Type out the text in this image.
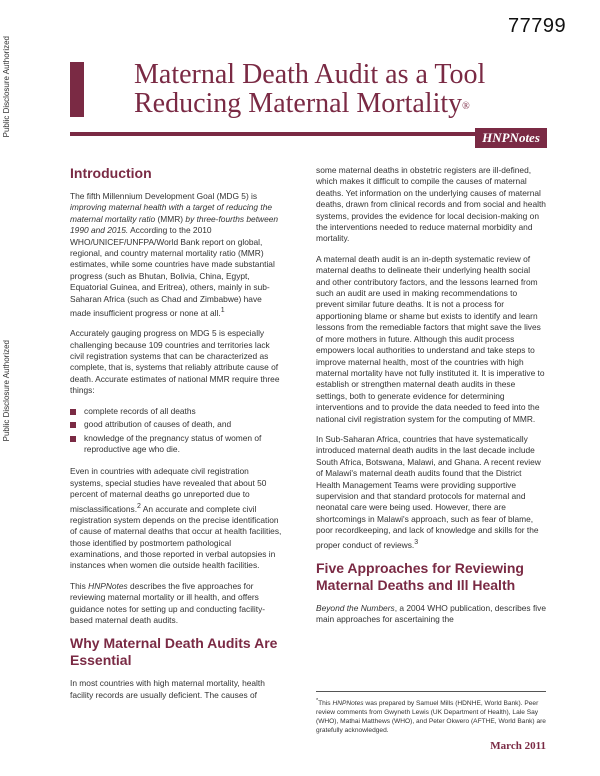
77799
Public Disclosure Authorized
Public Disclosure Authorized
Maternal Death Audit as a Tool
Reducing Maternal Mortality®
HNPNotes
Introduction

The fifth Millennium Development Goal (MDG 5) is improving maternal health with a target of reducing the maternal mortality ratio (MMR) by three-fourths between 1990 and 2015. According to the 2010 WHO/UNICEF/UNFPA/World Bank report on global, regional, and country maternal mortality ratio (MMR) estimates, while some countries have made substantial progress (such as Bhutan, Bolivia, China, Egypt, Equatorial Guinea, and Eritrea), others, mainly in sub-Saharan Africa (such as Chad and Zimbabwe) have made insufficient progress or none at all.$^1$

Accurately gauging progress on MDG 5 is especially challenging because 109 countries and territories lack civil registration systems that can be characterized as complete, that is, systems that reliably attribute cause of death. Accurate estimates of national MMR require three things:

complete records of all deaths
good attribution of causes of death, and
knowledge of the pregnancy status of women of reproductive age who die.

Even in countries with adequate civil registration systems, special studies have revealed that about 50 percent of maternal deaths go unreported due to misclassifications.$^2$ An accurate and complete civil registration system depends on the precise identification of cause of maternal deaths that occur at health facilities, those identified by postmortem pathological examinations, and those reported in verbal autopsies in instances when women die outside health facilities.

This HNPNotes describes the five approaches for reviewing maternal mortality or ill health, and offers guidance notes for setting up and conducting facility-based maternal death audits.

Why Maternal Death Audits Are Essential

In most countries with high maternal mortality, health facility records are usually deficient. The causes of

some maternal deaths in obstetric registers are ill-defined, which makes it difficult to compile the causes of maternal deaths. Yet information on the underlying causes of maternal deaths, drawn from clinical records and from social and health systems, provides the evidence for local decision-making on the interventions needed to reduce maternal morbidity and mortality.

A maternal death audit is an in-depth systematic review of maternal deaths to delineate their underlying health social and other contributory factors, and the lessons learned from such an audit are used in making recommendations to prevent similar future deaths. It is not a process for apportioning blame or shame but exists to identify and learn lessons from the remediable factors that might save the lives of more mothers in future. Although this audit process empowers local authorities to understand and take steps to improve maternal health, most of the countries with high maternal mortality have not fully instituted it. It is imperative to establish or strengthen maternal death audits in these settings, both to generate evidence for determining interventions and to provide the data needed to feed into the national civil registration system for the computing of MMR.

In Sub-Saharan Africa, countries that have systematically introduced maternal death audits in the last decade include South Africa, Botswana, Malawi, and Ghana. A recent review of Malawi's maternal death audits found that the District Health Management Teams were providing supportive supervision and that standard protocols for maternal and neonatal care were being used. However, there are shortcomings in Malawi's approach, such as fear of blame, poor recordkeeping, and lack of knowledge and skills for the proper conduct of reviews.$^3$

Five Approaches for Reviewing Maternal Deaths and Ill Health

Beyond the Numbers, a 2004 WHO publication, describes five main approaches for ascertaining the

*This HNPNotes was prepared by Samuel Mills (HDNHE, World Bank). Peer review comments from Gwyneth Lewis (UK Department of Health), Lale Say (WHO), Mathai Matthews (WHO), and Peter Okwero (AFTHE, World Bank) are gratefully acknowledged.
March 2011
